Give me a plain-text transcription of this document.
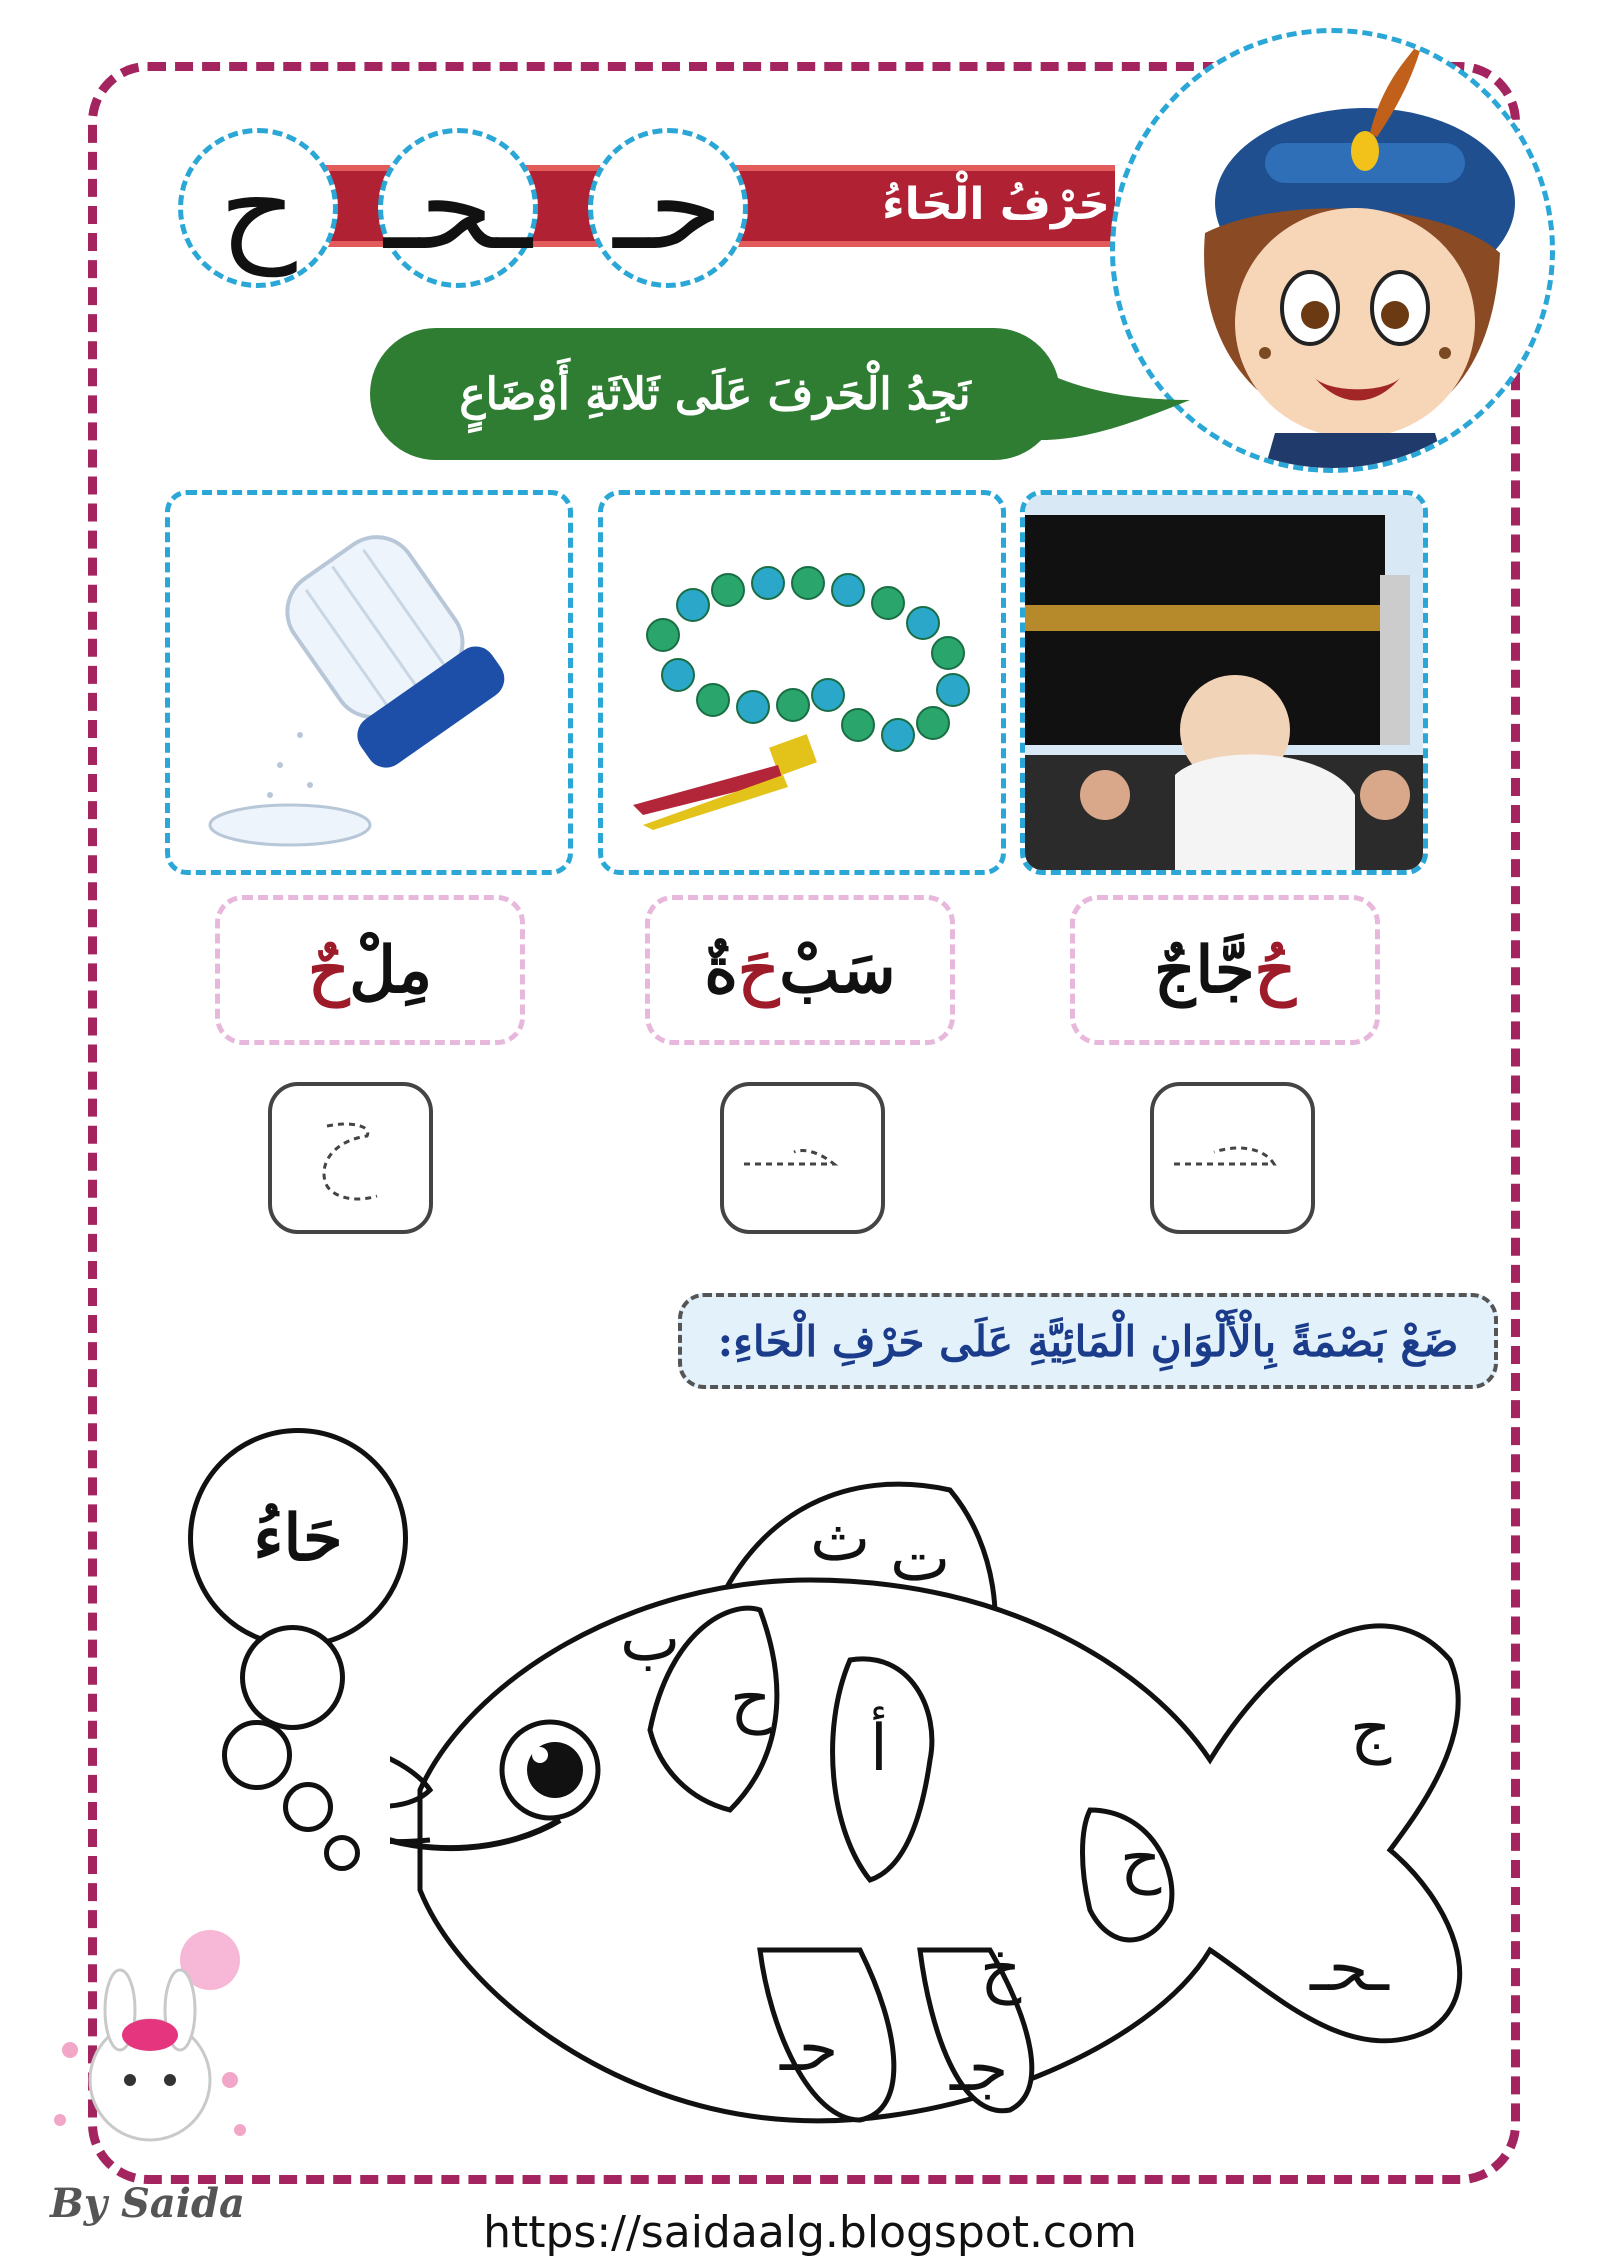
حَرْفُ الْحَاءُ
ح ـحـ حـ
نَجِدُ الْحَرفَ عَلَى ثَلاثَةِ أَوْضَاعٍ
حُ
جَّاجٌ
سَبْ
حَ
ةٌ
مِلْ
حٌ
ضَعْ بَصْمَةً بِالْأَلْوَانِ الْمَائِيَّةِ عَلَى حَرْفِ الْحَاءِ:
حَاءُ	ث ت
ب
ح
أ	ج
ح
خ
حـ جـ
ـحـ
By Saida
https://saidaalg.blogspot.com
